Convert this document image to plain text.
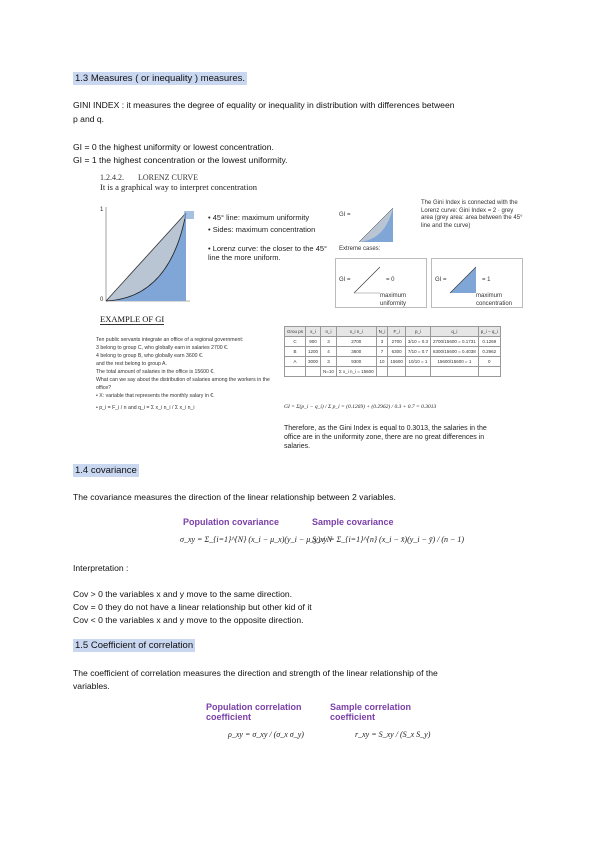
1.3 Measures ( or inequality ) measures.
GINI INDEX : it measures the degree of equality or inequality in distribution with differences between
p and q.
GI = 0 the highest uniformity or lowest concentration.
GI = 1 the highest concentration or the lowest uniformity.
1.2.4.2. LORENZ CURVE
It is a graphical way to interpret concentration
1
0
• 45° line: maximum uniformity
• Sides: maximum concentration
• Lorenz curve: the closer to the 45° line the more uniform.
The Gini Index is connected with the Lorenz curve: Gini Index = 2 · grey area (grey area: area between the 45° line and the curve)
GI =
Extreme cases:
GI =	= 0
maximum uniformity
GI =	= 1
maximum concentration
EXAMPLE OF GI
Ten public servants integrate an office of a regional government:
3 belong to group C, who globally earn in salaries 2700 €.
4 belong to group B, who globally earn 3600 €.
and the rest belong to group A.
The total amount of salaries in the office is 15600 €.
What can we say about the distribution of salaries among the workers in the office?
• X: variable that represents the monthly salary in €.
• p_i = F_i / n and q_i = Σ x_i n_i / Σ x_i n_i
Grou ps	x_i	n_i	x_i n_i	N_i	F_i	p_i	q_i	p_i − q_i
C	900	3	2700	3	2700	3/10 = 0.3	2700/15600 = 0.1731	0.1269
B	1200	4	3600	7	6300	7/10 = 0.7	6300/15600 = 0.4038	0.2962
A	3000	3	9300	10	15600	10/10 = 1	15600/15600 = 1	0
		N=10	Σ x_i n_i = 15600					
GI = Σ(p_i − q_i) / Σ p_i = (0.1269) + (0.2962) / 0.3 + 0.7 = 0.3013
Therefore, as the Gini Index is equal to 0.3013, the salaries in the office are in the uniformity zone, there are no great differences in salaries.
1.4 covariance
The covariance measures the direction of the linear relationship between 2 variables.
Population covariance	Sample covariance
σ_xy = Σ_{i=1}^{N} (x_i − μ_x)(y_i − μ_y) / N
S_xy = Σ_{i=1}^{n} (x_i − x̄)(y_i − ȳ) / (n − 1)
Interpretation :
Cov > 0 the variables x and y move to the same direction.
Cov = 0 they do not have a linear relationship but other kid of it
Cov < 0 the variables x and y move to the opposite direction.
1.5 Coefficient of correlation
The coefficient of correlation measures the direction and strength of the linear relationship of the
variables.
Population correlation coefficient
Sample correlation coefficient
ρ_xy = σ_xy / (σ_x σ_y)	r_xy = S_xy / (S_x S_y)
